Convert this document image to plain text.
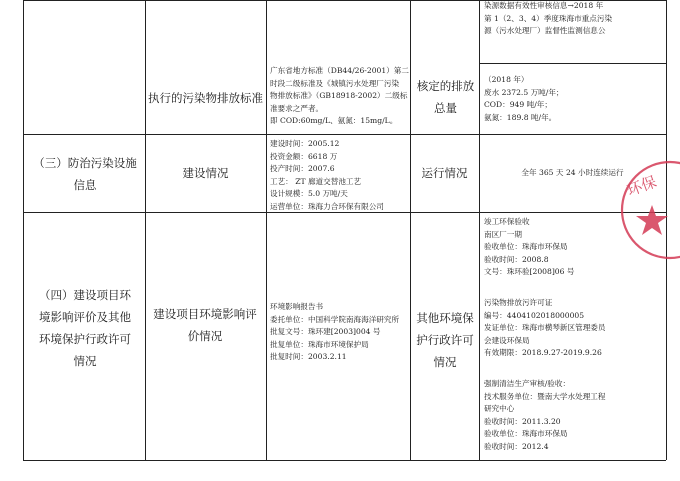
执行的污染物排放标准
广东省地方标准（DB44/26-2001）第二
时段二级标准及《城镇污水处理厂污染
物排放标准》（GB18918-2002）二级标
准要求之严者。
即 COD:60mg/L、氨氮：15mg/L。
核定的排放总量
染源数据有效性审核信息→2018 年
第 1（2、3、4）季度珠海市重点污染
源（污水处理厂）监督性监测信息公
（2018 年）
废水 2372.5 万吨/年；
COD：949 吨/年；
氨氮：189.8 吨/年。
（三）防治污染设施信息
建设情况
建设时间：2005.12
投资金额：6618 万
投产时间：2007.6
工艺： ZT 廊道交替池工艺
设计规模：5.0 万吨/天
运营单位：珠海力合环保有限公司
运行情况	全年 365 天 24 小时连续运行
（四）建设项目环境影响评价及其他环境保护行政许可情况
建设项目环境影响评价情况
环境影响报告书
委托单位：中国科学院南海海洋研究所
批复文号：珠环建[2003]004 号
批复单位：珠海市环境保护局
批复时间：2003.2.11
其他环境保护行政许可情况
竣工环保验收
南区厂一期
验收单位：珠海市环保局
验收时间：2008.8
文号：珠环验[2008]06 号
污染物排放污许可证
编号：4404102018000005
发证单位：珠海市横琴新区管理委员
会建设环保局
有效期限：2018.9.27-2019.9.26
强制清洁生产审核/验收：
技术服务单位：暨南大学水处理工程
研究中心
验收时间：2011.3.20
验收单位：珠海市环保局
验收时间：2012.4
环保
